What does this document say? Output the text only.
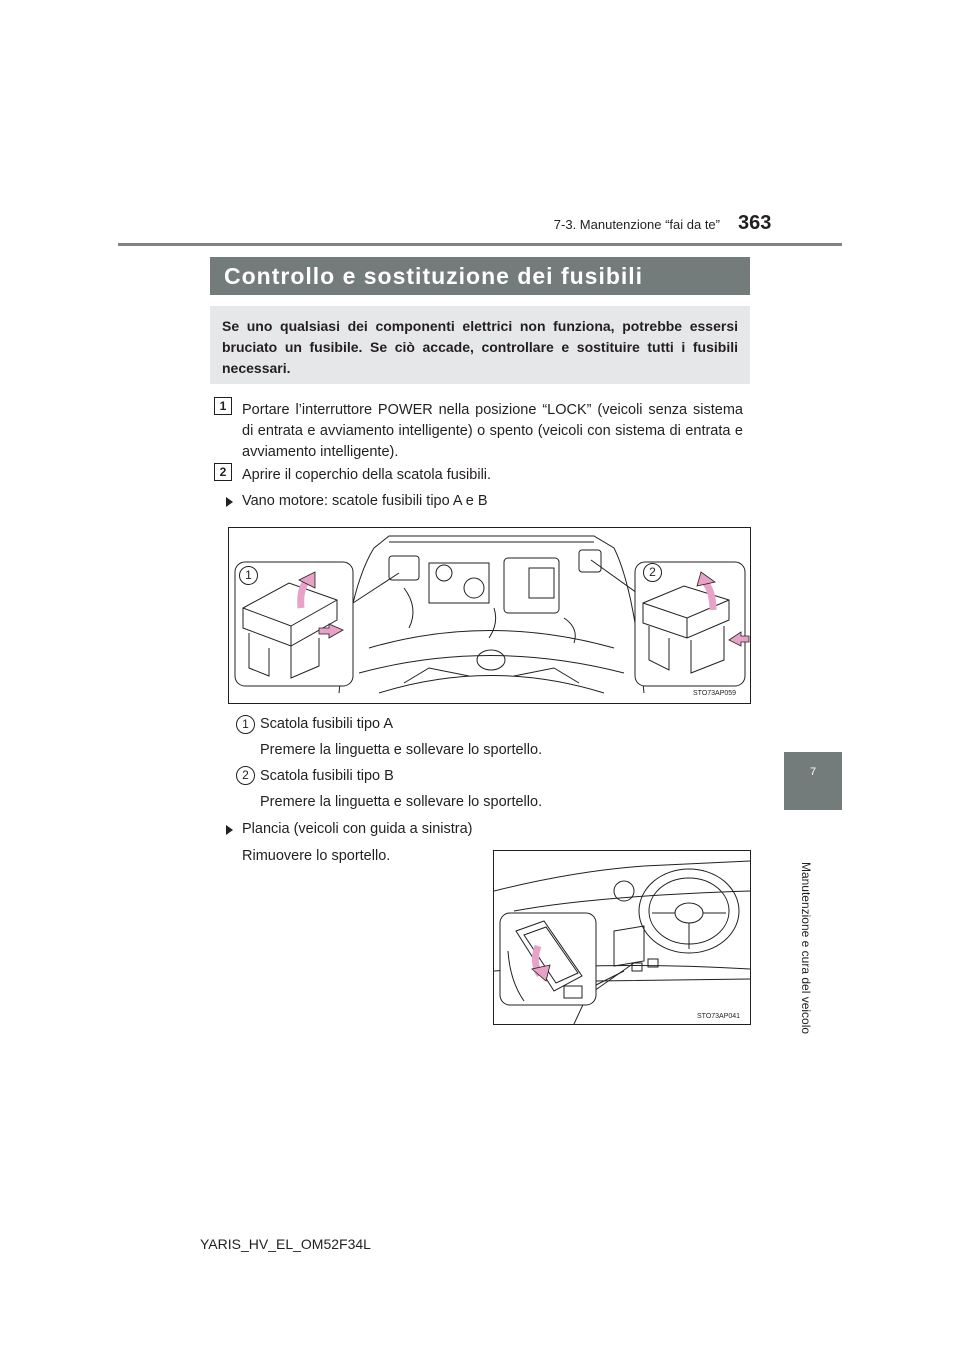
363
7-3. Manutenzione “fai da te”
Controllo e sostituzione dei fusibili
Se uno qualsiasi dei componenti elettrici non funziona, potrebbe essersi bruciato un fusibile. Se ciò accade, controllare e sostituire tutti i fusibili necessari.
1	Portare l’interruttore POWER nella posizione “LOCK” (veicoli senza sistema di entrata e avviamento intelligente) o spento (veicoli con sistema di entrata e avviamento intelligente).
2	Aprire il coperchio della scatola fusibili.
Vano motore: scatole fusibili tipo A e B
1	2
STO73AP059
1 Scatola fusibili tipo A
Premere la linguetta e sollevare lo sportello.
2 Scatola fusibili tipo B
Premere la linguetta e sollevare lo sportello.
Plancia (veicoli con guida a sinistra)
Rimuovere lo sportello.
STO73AP041
7
Manutenzione e cura del veicolo
YARIS_HV_EL_OM52F34L
